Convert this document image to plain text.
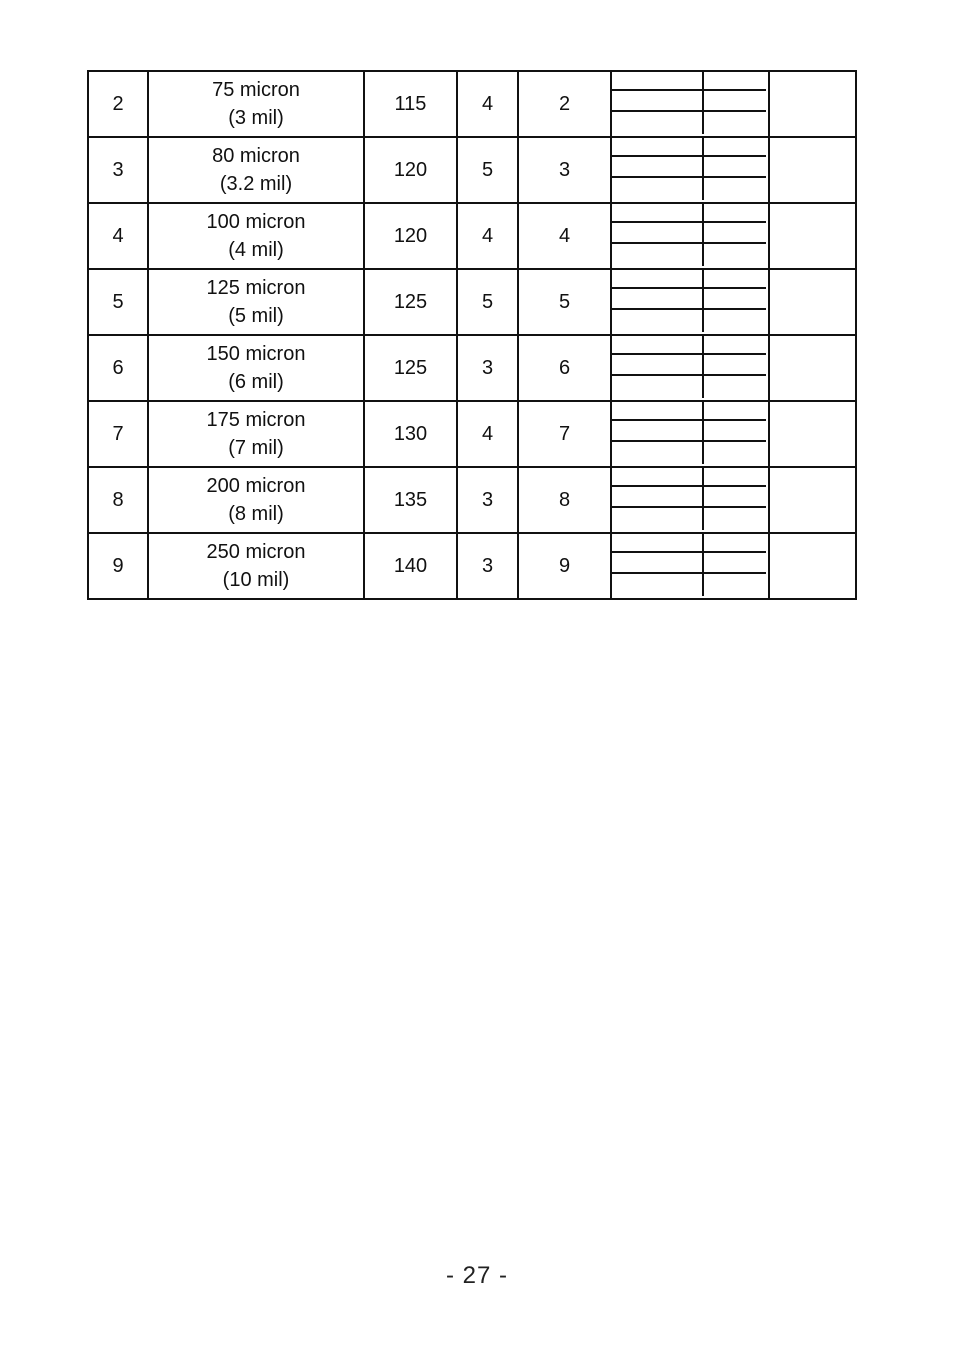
2	75 micron
(3 mil)	115	4	2	

3	80 micron
(3.2 mil)	120	5	3	

4	100 micron
(4 mil)	120	4	4	

5	125 micron
(5 mil)	125	5	5	

6	150 micron
(6 mil)	125	3	6	

7	175 micron
(7 mil)	130	4	7	

8	200 micron
(8 mil)	135	3	8	

9	250 micron
(10 mil)	140	3	9	

- 27 -
